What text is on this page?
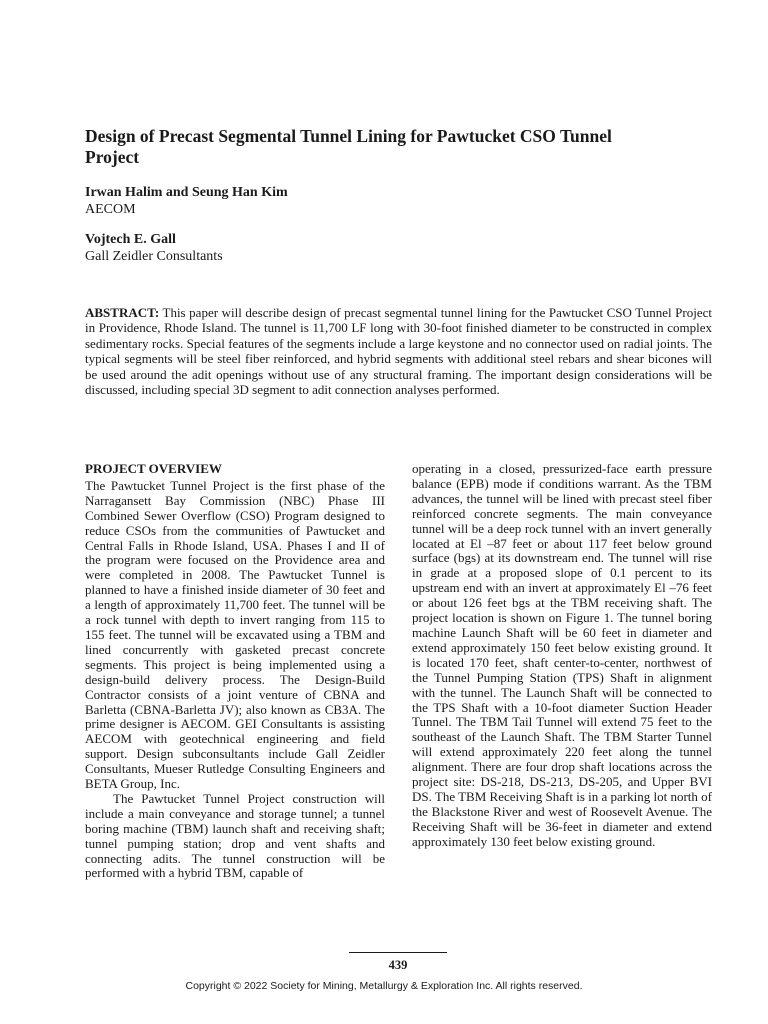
Design of Precast Segmental Tunnel Lining for Pawtucket CSO Tunnel Project
Irwan Halim and Seung Han Kim
AECOM
Vojtech E. Gall
Gall Zeidler Consultants
ABSTRACT: This paper will describe design of precast segmental tunnel lining for the Pawtucket CSO Tunnel Project in Providence, Rhode Island. The tunnel is 11,700 LF long with 30-foot finished diameter to be constructed in complex sedimentary rocks. Special features of the segments include a large keystone and no connector used on radial joints. The typical segments will be steel fiber reinforced, and hybrid segments with additional steel rebars and shear bicones will be used around the adit openings without use of any structural framing. The important design considerations will be discussed, including special 3D segment to adit connection analyses performed.
PROJECT OVERVIEW

The Pawtucket Tunnel Project is the first phase of the Narragansett Bay Commission (NBC) Phase III Combined Sewer Overflow (CSO) Program designed to reduce CSOs from the communities of Pawtucket and Central Falls in Rhode Island, USA. Phases I and II of the program were focused on the Providence area and were completed in 2008. The Pawtucket Tunnel is planned to have a finished inside diameter of 30 feet and a length of approximately 11,700 feet. The tunnel will be a rock tunnel with depth to invert ranging from 115 to 155 feet. The tunnel will be excavated using a TBM and lined concurrently with gasketed precast concrete segments. This project is being implemented using a design-build delivery process. The Design-Build Contractor consists of a joint venture of CBNA and Barletta (CBNA-Barletta JV); also known as CB3A. The prime designer is AECOM. GEI Consultants is assisting AECOM with geotechnical engineering and field support. Design subconsultants include Gall Zeidler Consultants, Mueser Rutledge Consulting Engineers and BETA Group, Inc.

The Pawtucket Tunnel Project construction will include a main conveyance and storage tunnel; a tunnel boring machine (TBM) launch shaft and receiving shaft; tunnel pumping station; drop and vent shafts and connecting adits. The tunnel construction will be performed with a hybrid TBM, capable of

operating in a closed, pressurized-face earth pressure balance (EPB) mode if conditions warrant. As the TBM advances, the tunnel will be lined with precast steel fiber reinforced concrete segments. The main conveyance tunnel will be a deep rock tunnel with an invert generally located at El –87 feet or about 117 feet below ground surface (bgs) at its downstream end. The tunnel will rise in grade at a proposed slope of 0.1 percent to its upstream end with an invert at approximately El –76 feet or about 126 feet bgs at the TBM receiving shaft. The project location is shown on Figure 1. The tunnel boring machine Launch Shaft will be 60 feet in diameter and extend approximately 150 feet below existing ground. It is located 170 feet, shaft center-to-center, northwest of the Tunnel Pumping Station (TPS) Shaft in alignment with the tunnel. The Launch Shaft will be connected to the TPS Shaft with a 10-foot diameter Suction Header Tunnel. The TBM Tail Tunnel will extend 75 feet to the southeast of the Launch Shaft. The TBM Starter Tunnel will extend approximately 220 feet along the tunnel alignment. There are four drop shaft locations across the project site: DS-218, DS-213, DS-205, and Upper BVI DS. The TBM Receiving Shaft is in a parking lot north of the Blackstone River and west of Roosevelt Avenue. The Receiving Shaft will be 36-feet in diameter and extend approximately 130 feet below existing ground.

439
Copyright © 2022 Society for Mining, Metallurgy & Exploration Inc. All rights reserved.
